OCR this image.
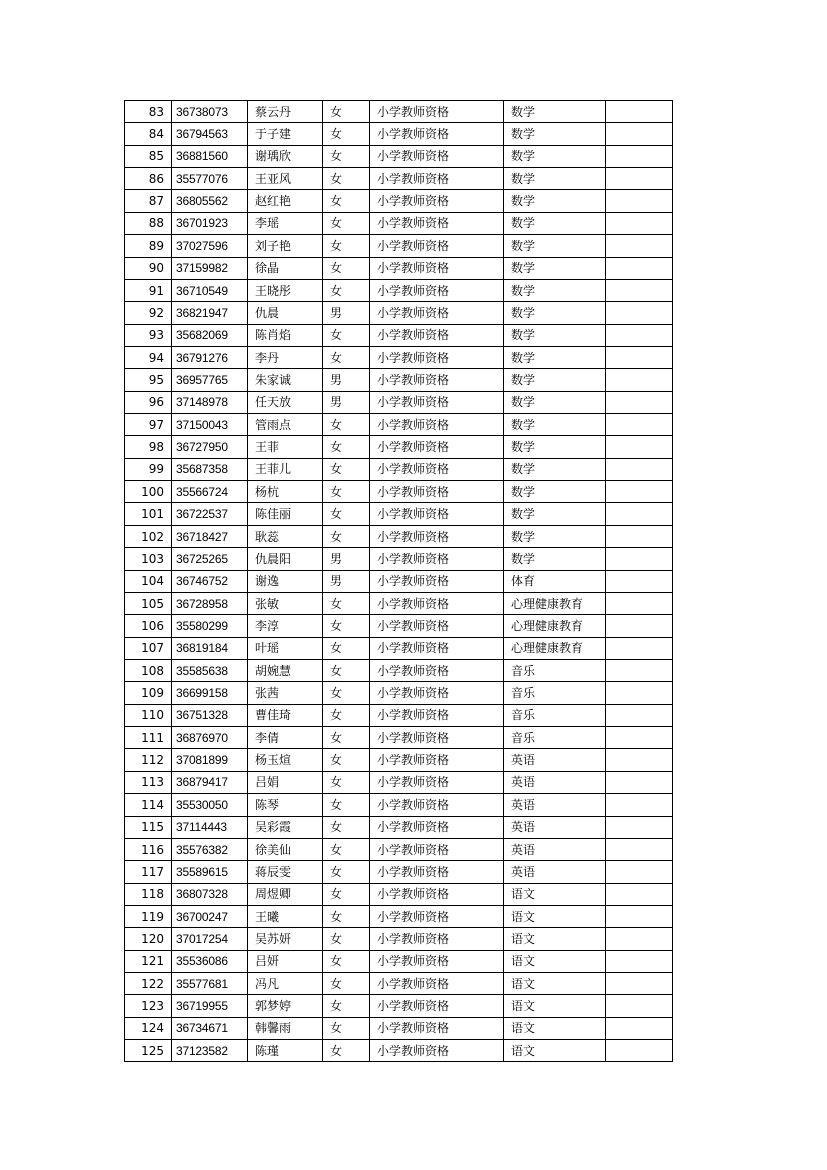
83	36738073	蔡云丹	女	小学教师资格	数学	
84	36794563	于子建	女	小学教师资格	数学	
85	36881560	谢瑀欣	女	小学教师资格	数学	
86	35577076	王亚风	女	小学教师资格	数学	
87	36805562	赵红艳	女	小学教师资格	数学	
88	36701923	李瑶	女	小学教师资格	数学	
89	37027596	刘子艳	女	小学教师资格	数学	
90	37159982	徐晶	女	小学教师资格	数学	
91	36710549	王晓彤	女	小学教师资格	数学	
92	36821947	仇晨	男	小学教师资格	数学	
93	35682069	陈肖焰	女	小学教师资格	数学	
94	36791276	李丹	女	小学教师资格	数学	
95	36957765	朱家诚	男	小学教师资格	数学	
96	37148978	任天放	男	小学教师资格	数学	
97	37150043	管雨点	女	小学教师资格	数学	
98	36727950	王菲	女	小学教师资格	数学	
99	35687358	王菲儿	女	小学教师资格	数学	
100	35566724	杨杭	女	小学教师资格	数学	
101	36722537	陈佳丽	女	小学教师资格	数学	
102	36718427	耿蕊	女	小学教师资格	数学	
103	36725265	仇晨阳	男	小学教师资格	数学	
104	36746752	谢逸	男	小学教师资格	体育	
105	36728958	张敏	女	小学教师资格	心理健康教育	
106	35580299	李淳	女	小学教师资格	心理健康教育	
107	36819184	叶瑶	女	小学教师资格	心理健康教育	
108	35585638	胡婉慧	女	小学教师资格	音乐	
109	36699158	张茜	女	小学教师资格	音乐	
110	36751328	曹佳琦	女	小学教师资格	音乐	
111	36876970	李倩	女	小学教师资格	音乐	
112	37081899	杨玉煊	女	小学教师资格	英语	
113	36879417	吕娟	女	小学教师资格	英语	
114	35530050	陈琴	女	小学教师资格	英语	
115	37114443	吴彩霞	女	小学教师资格	英语	
116	35576382	徐美仙	女	小学教师资格	英语	
117	35589615	蒋辰雯	女	小学教师资格	英语	
118	36807328	周煜卿	女	小学教师资格	语文	
119	36700247	王曦	女	小学教师资格	语文	
120	37017254	吴苏妍	女	小学教师资格	语文	
121	35536086	吕妍	女	小学教师资格	语文	
122	35577681	冯凡	女	小学教师资格	语文	
123	36719955	郭梦婷	女	小学教师资格	语文	
124	36734671	韩馨雨	女	小学教师资格	语文	
125	37123582	陈瑾	女	小学教师资格	语文	
